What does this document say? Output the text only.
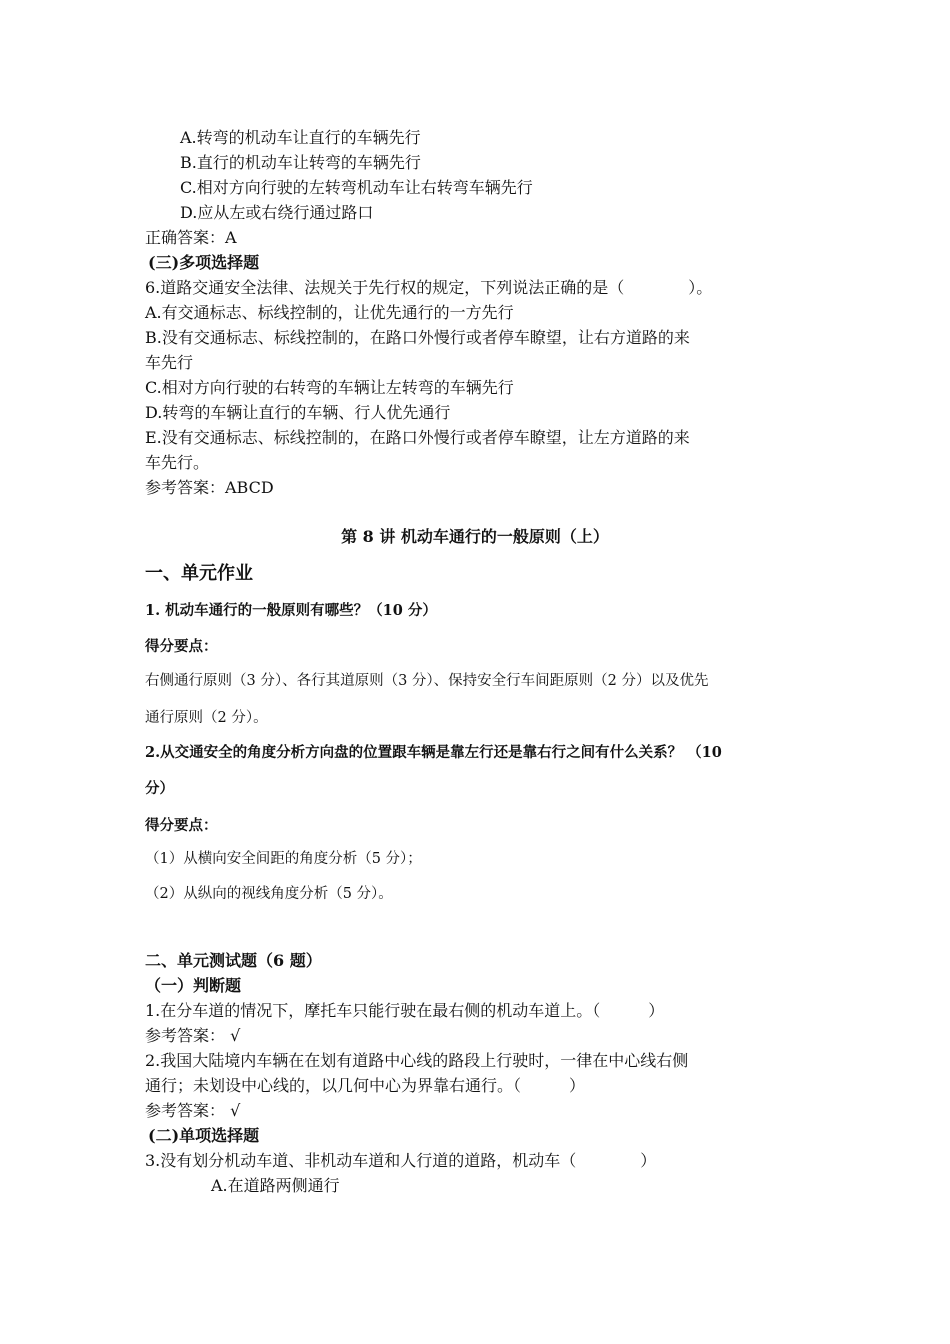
A.转弯的机动车让直行的车辆先行
B.直行的机动车让转弯的车辆先行
C.相对方向行驶的左转弯机动车让右转弯车辆先行
D.应从左或右绕行通过路口
正确答案：A
(三)多项选择题
6.道路交通安全法律、法规关于先行权的规定，下列说法正确的是（　　　　）。
A.有交通标志、标线控制的，让优先通行的一方先行
B.没有交通标志、标线控制的，在路口外慢行或者停车瞭望，让右方道路的来
车先行
C.相对方向行驶的右转弯的车辆让左转弯的车辆先行
D.转弯的车辆让直行的车辆、行人优先通行
E.没有交通标志、标线控制的，在路口外慢行或者停车瞭望，让左方道路的来
车先行。
参考答案：ABCD
第 8 讲 机动车通行的一般原则（上）
一、单元作业
1. 机动车通行的一般原则有哪些？（10 分）
得分要点：
右侧通行原则（3 分）、各行其道原则（3 分）、保持安全行车间距原则（2 分）以及优先
通行原则（2 分）。
2.从交通安全的角度分析方向盘的位置跟车辆是靠左行还是靠右行之间有什么关系？ （10
分）
得分要点：
（1）从横向安全间距的角度分析（5 分）；
（2）从纵向的视线角度分析（5 分）。
二、单元测试题（6 题）
（一）判断题
1.在分车道的情况下，摩托车只能行驶在最右侧的机动车道上。（　　　）
参考答案： √
2.我国大陆境内车辆在在划有道路中心线的路段上行驶时，一律在中心线右侧
通行；未划设中心线的，以几何中心为界靠右通行。（　　　）
参考答案： √
(二)单项选择题
3.没有划分机动车道、非机动车道和人行道的道路，机动车（　　　　）
A.在道路两侧通行
